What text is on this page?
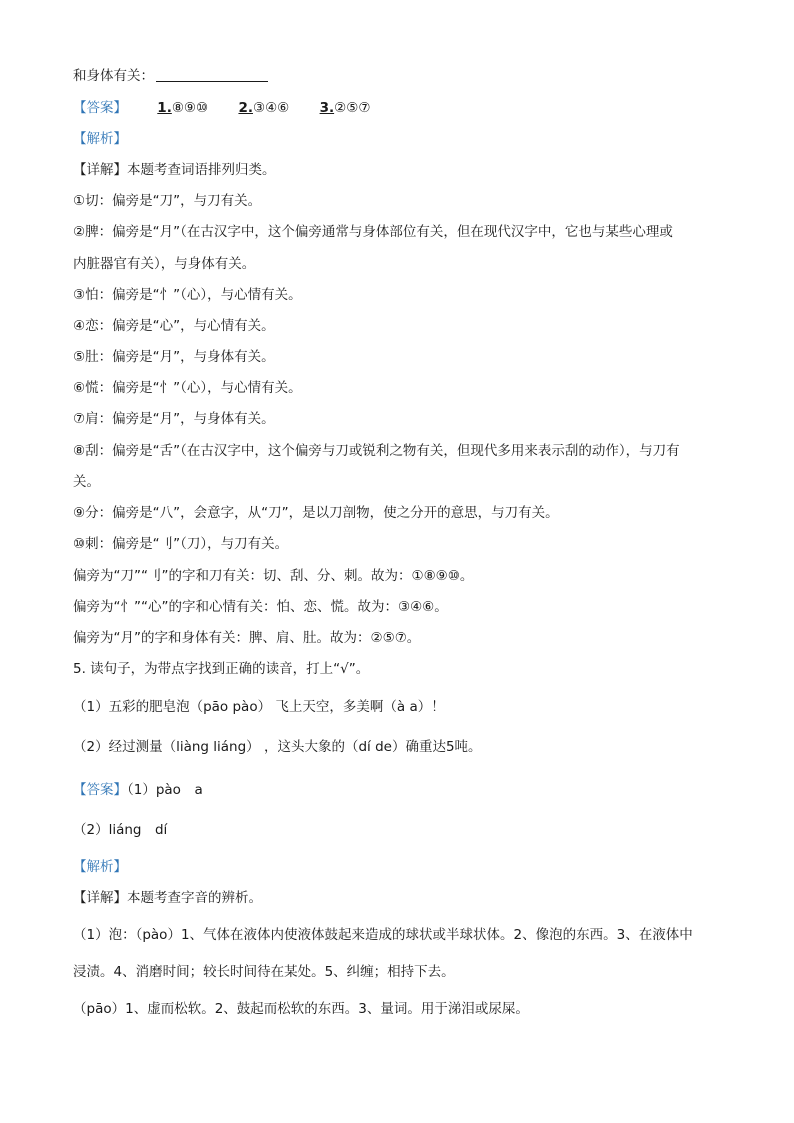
和身体有关：
【答案】 1.⑧⑨⑩ 2.③④⑥ 3.②⑤⑦
【解析】
【详解】本题考查词语排列归类。
①切：偏旁是“刀”，与刀有关。
②脾：偏旁是“月”（在古汉字中，这个偏旁通常与身体部位有关，但在现代汉字中，它也与某些心理或
内脏器官有关），与身体有关。
③怕：偏旁是“忄”（心），与心情有关。
④恋：偏旁是“心”，与心情有关。
⑤肚：偏旁是“月”，与身体有关。
⑥慌：偏旁是“忄”（心），与心情有关。
⑦肩：偏旁是“月”，与身体有关。
⑧刮：偏旁是“舌”（在古汉字中，这个偏旁与刀或锐利之物有关，但现代多用来表示刮的动作），与刀有
关。
⑨分：偏旁是“八”，会意字，从“刀”，是以刀剖物，使之分开的意思，与刀有关。
⑩刺：偏旁是“刂”（刀），与刀有关。
偏旁为“刀”“刂”的字和刀有关：切、刮、分、刺。故为：①⑧⑨⑩。
偏旁为“忄”“心”的字和心情有关：怕、恋、慌。故为：③④⑥。
偏旁为“月”的字和身体有关：脾、肩、肚。故为：②⑤⑦。
5. 读句子，为带点字找到正确的读音，打上“√”。
（1）五彩的肥皂泡（pāo pào） 飞上天空，多美啊（à a）！
（2）经过测量（liàng liáng） ，这头大象的（dí de）确重达5吨。
【答案】（1）pào　a
（2）liáng　dí
【解析】
【详解】本题考查字音的辨析。
（1）泡：（pào）1、气体在液体内使液体鼓起来造成的球状或半球状体。2、像泡的东西。3、在液体中
浸渍。4、消磨时间；较长时间待在某处。5、纠缠；相持下去。
（pāo）1、虚而松软。2、鼓起而松软的东西。3、量词。用于涕泪或尿屎。
